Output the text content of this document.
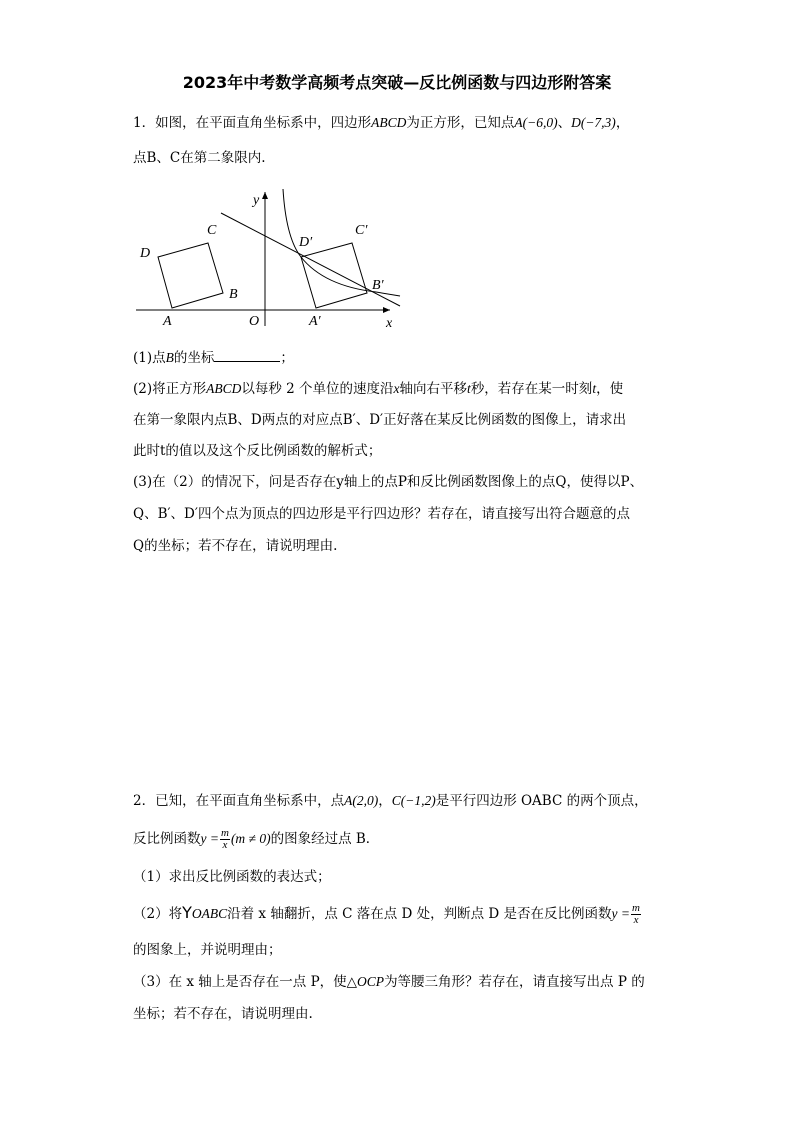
2023年中考数学高频考点突破—反比例函数与四边形附答案
1．如图，在平面直角坐标系中，四边形ABCD为正方形，已知点A(−6,0)、D(−7,3)，
点B、C在第二象限内.
C
D
B
A	O
y
x
D′
C′
B′
A′
(1)点B的坐标	；
(2)将正方形ABCD以每秒 2 个单位的速度沿x轴向右平移t秒，若存在某一时刻t，使
在第一象限内点B、D两点的对应点B′、D′正好落在某反比例函数的图像上，请求出
此时t的值以及这个反比例函数的解析式；
(3)在（2）的情况下，问是否存在y轴上的点P和反比例函数图像上的点Q，使得以P、
Q、B′、D′四个点为顶点的四边形是平行四边形？若存在，请直接写出符合题意的点
Q的坐标；若不存在，请说明理由.
2．已知，在平面直角坐标系中，点A(2,0)，C(−1,2)是平行四边形 OABC 的两个顶点，
反比例函数$y = \frac{m}{x} (m \ne 0)$的图象经过点 B．
（1）求出反比例函数的表达式；
（2）将YOABC沿着 x 轴翻折，点 C 落在点 D 处，判断点 D 是否在反比例函数$y = \frac{m}{x}$
的图象上，并说明理由；
（3）在 x 轴上是否存在一点 P，使△OCP为等腰三角形？若存在，请直接写出点 P 的
坐标；若不存在，请说明理由.
